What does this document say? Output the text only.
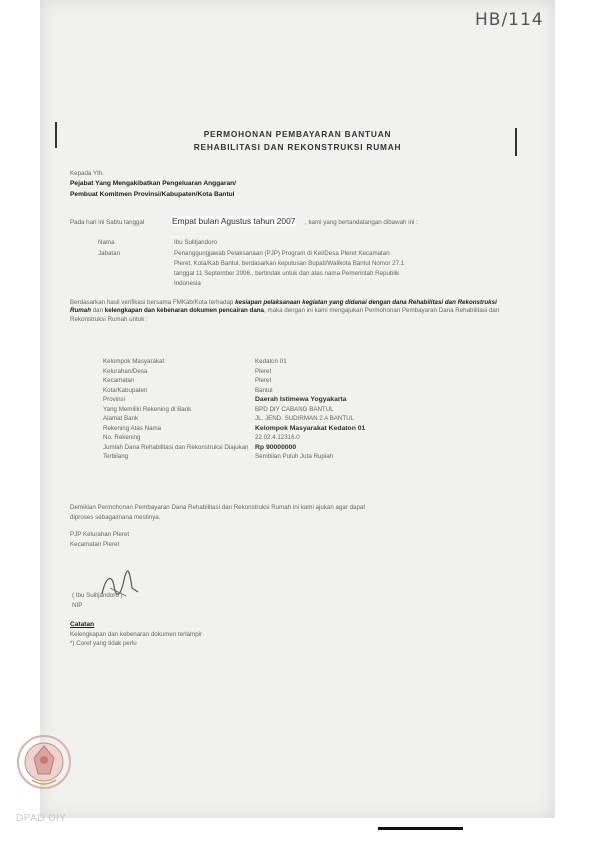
HB/114
PERMOHONAN PEMBAYARAN BANTUAN
REHABILITASI DAN REKONSTRUKSI RUMAH
Kepada Yth.
Pejabat Yang Mengakibatkan Pengeluaran Anggaran/
Pembuat Komitmen Provinsi/Kabupaten/Kota Bantul
Pada hari ini Sabtu tanggal	Empat bulan Agustus tahun 2007 , kami yang bertandatangan dibawah ini :
Nama	Ibu Sulitjandoro
Jabatan	Penanggungjawab Pelaksanaan (PJP) Program di Kel/Desa Pleret Kecamatan
Pleret, Kota/Kab Bantul, berdasarkan keputusan Bupati/Walikota Bantul Nomor 27.1
tanggal 11 September 2006., bertindak untuk dan atas nama Pemerintah Republik
Indonesia
Berdasarkan hasil verifikasi bersama FMKab/Kota terhadap kesiapan pelaksanaan kegiatan yang didanai dengan dana Rehabilitasi dan Rekonstruksi Rumah dan kelengkapan dan kebenaran dokumen pencairan dana, maka dengan ini kami mengajukan Permohonan Pembayaran Dana Rehabilitasi dan Rekonstruksi Rumah untuk :
Kelompok Masyarakat	Kedaton 01
Kelurahan/Desa	Pleret
Kecamatan	Pleret
Kota/Kabupaten	Bantul
Provinsi	Daerah Istimewa Yogyakarta
Yang Memiliki Rekening di Bank	BPD DIY CABANG BANTUL
Alamat Bank	JL. JEND. SUDIRMAN 2 A BANTUL
Rekening Atas Nama	Kelompok Masyarakat Kedaton 01
No. Rekening	22.02.4.12316.0
Jumlah Dana Rehabilitasi dan Rekonstruksi Diajukan Rp 90000000
Terbilang	Sembilan Puluh Juta Rupiah
Demikian Permohonan Pembayaran Dana Rehabilitasi dan Rekonstruksi Rumah ini kami ajukan agar dapat
diproses sebagaimana mestinya.
PJP Kelurahan Pleret
Kecamatan Pleret
( Ibu Sulitjandoro )
NIP
Catatan
Kelengkapan dan kebenaran dokumen terlampir
*) Coret yang tidak perlu
DPAD DIY
